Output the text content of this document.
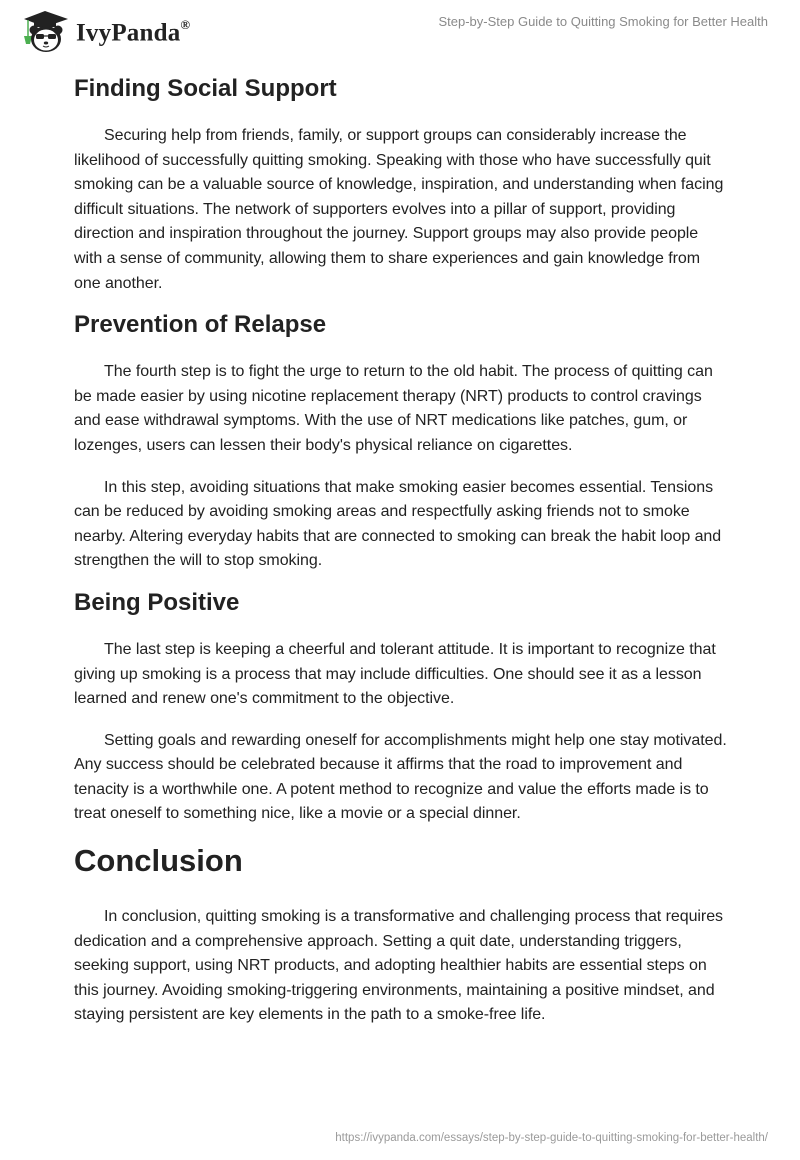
IvyPanda®	Step-by-Step Guide to Quitting Smoking for Better Health
Finding Social Support

Securing help from friends, family, or support groups can considerably increase the likelihood of successfully quitting smoking. Speaking with those who have successfully quit smoking can be a valuable source of knowledge, inspiration, and understanding when facing difficult situations. The network of supporters evolves into a pillar of support, providing direction and inspiration throughout the journey. Support groups may also provide people with a sense of community, allowing them to share experiences and gain knowledge from one another.

Prevention of Relapse

The fourth step is to fight the urge to return to the old habit. The process of quitting can be made easier by using nicotine replacement therapy (NRT) products to control cravings and ease withdrawal symptoms. With the use of NRT medications like patches, gum, or lozenges, users can lessen their body's physical reliance on cigarettes.

In this step, avoiding situations that make smoking easier becomes essential. Tensions can be reduced by avoiding smoking areas and respectfully asking friends not to smoke nearby. Altering everyday habits that are connected to smoking can break the habit loop and strengthen the will to stop smoking.

Being Positive

The last step is keeping a cheerful and tolerant attitude. It is important to recognize that giving up smoking is a process that may include difficulties. One should see it as a lesson learned and renew one's commitment to the objective.

Setting goals and rewarding oneself for accomplishments might help one stay motivated. Any success should be celebrated because it affirms that the road to improvement and tenacity is a worthwhile one. A potent method to recognize and value the efforts made is to treat oneself to something nice, like a movie or a special dinner.

Conclusion

In conclusion, quitting smoking is a transformative and challenging process that requires dedication and a comprehensive approach. Setting a quit date, understanding triggers, seeking support, using NRT products, and adopting healthier habits are essential steps on this journey. Avoiding smoking-triggering environments, maintaining a positive mindset, and staying persistent are key elements in the path to a smoke-free life.

https://ivypanda.com/essays/step-by-step-guide-to-quitting-smoking-for-better-health/
